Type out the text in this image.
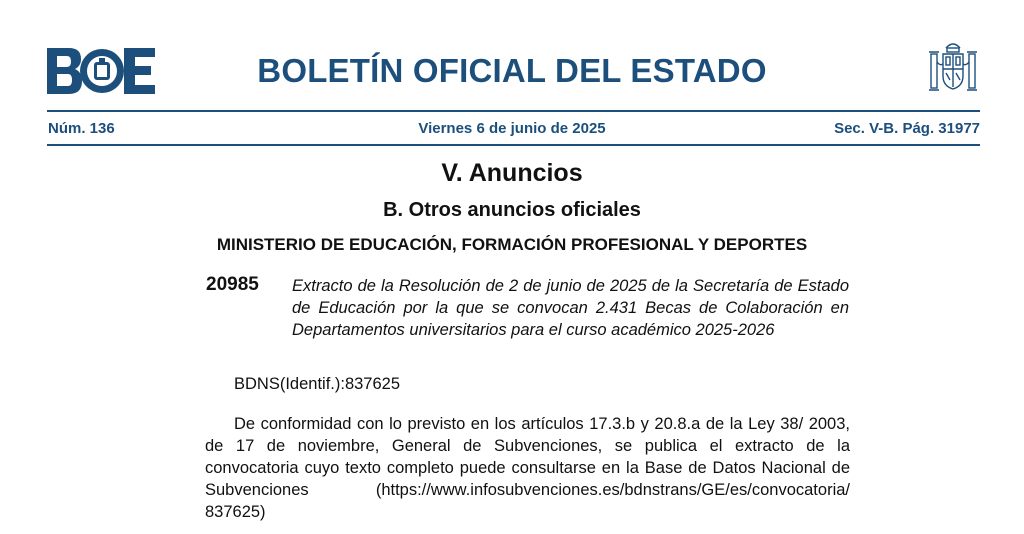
BOLETÍN OFICIAL DEL ESTADO
Núm. 136	Viernes 6 de junio de 2025	Sec. V-B. Pág. 31977
V. Anuncios
B. Otros anuncios oficiales
MINISTERIO DE EDUCACIÓN, FORMACIÓN PROFESIONAL Y DEPORTES
20985 Extracto de la Resolución de 2 de junio de 2025 de la Secretaría de Estado de Educación por la que se convocan 2.431 Becas de Colaboración en Departamentos universitarios para el curso académico 2025-2026
BDNS(Identif.):837625
De conformidad con lo previsto en los artículos 17.3.b y 20.8.a de la Ley 38/ 2003, de 17 de noviembre, General de Subvenciones, se publica el extracto de la convocatoria cuyo texto completo puede consultarse en la Base de Datos Nacional de Subvenciones (https://www.infosubvenciones.es/bdnstrans/GE/es/convocatoria/ 837625)
